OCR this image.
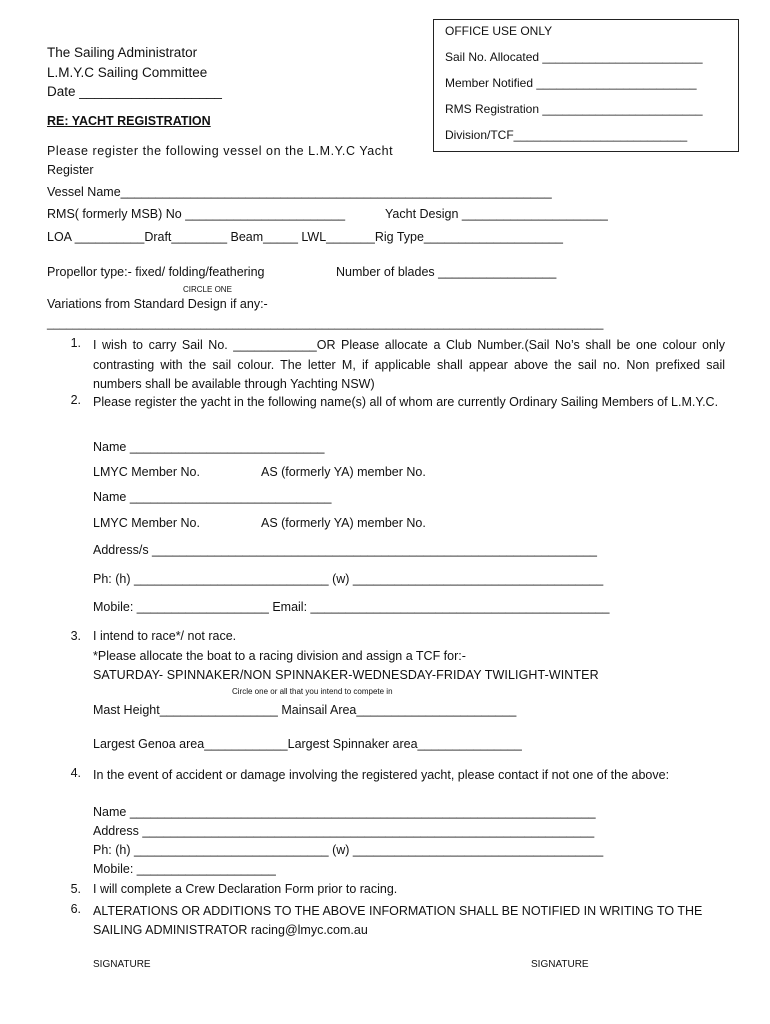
OFFICE USE ONLY
Sail No. Allocated ________________________
Member Notified ________________________
RMS Registration ________________________
Division/TCF__________________________
The Sailing Administrator
L.M.Y.C Sailing Committee
Date ___________________
RE: YACHT REGISTRATION
Please register the following vessel on the L.M.Y.C Yacht
Register
Vessel Name______________________________________________________________
RMS( formerly MSB) No _______________________	Yacht Design _____________________
LOA __________Draft________ Beam_____ LWL_______Rig Type____________________
Propellor type:- fixed/ folding/feathering	Number of blades _________________
CIRCLE ONE
Variations from Standard Design if any:-
_______________________________________________________________________________________
1. I wish to carry Sail No. ____________OR Please allocate a Club Number.(Sail No’s shall be one colour only contrasting with the sail colour. The letter M, if applicable shall appear above the sail no. Non prefixed sail numbers shall be available through Yachting NSW)
2. Please register the yacht in the following name(s) all of whom are currently Ordinary Sailing Members of L.M.Y.C.
Name ____________________________
LMYC Member No.	AS (formerly YA) member No.
Name _____________________________
LMYC Member No.	AS (formerly YA) member No.
Address/s ________________________________________________________________
Ph: (h) ____________________________ (w) ____________________________________
Mobile: ___________________ Email: ___________________________________________
3. I intend to race*/ not race.
*Please allocate the boat to a racing division and assign a TCF for:-
SATURDAY- SPINNAKER/NON SPINNAKER-WEDNESDAY-FRIDAY TWILIGHT-WINTER
Circle one or all that you intend to compete in
Mast Height_________________ Mainsail Area_______________________
Largest Genoa area____________Largest Spinnaker area_______________
4. In the event of accident or damage involving the registered yacht, please contact if not one of the above:
Name ___________________________________________________________________
Address _________________________________________________________________
Ph: (h) ____________________________ (w) ____________________________________
Mobile: ____________________
5. I will complete a Crew Declaration Form prior to racing.
6. ALTERATIONS OR ADDITIONS TO THE ABOVE INFORMATION SHALL BE NOTIFIED IN WRITING TO THE SAILING ADMINISTRATOR racing@lmyc.com.au
SIGNATURE	SIGNATURE
